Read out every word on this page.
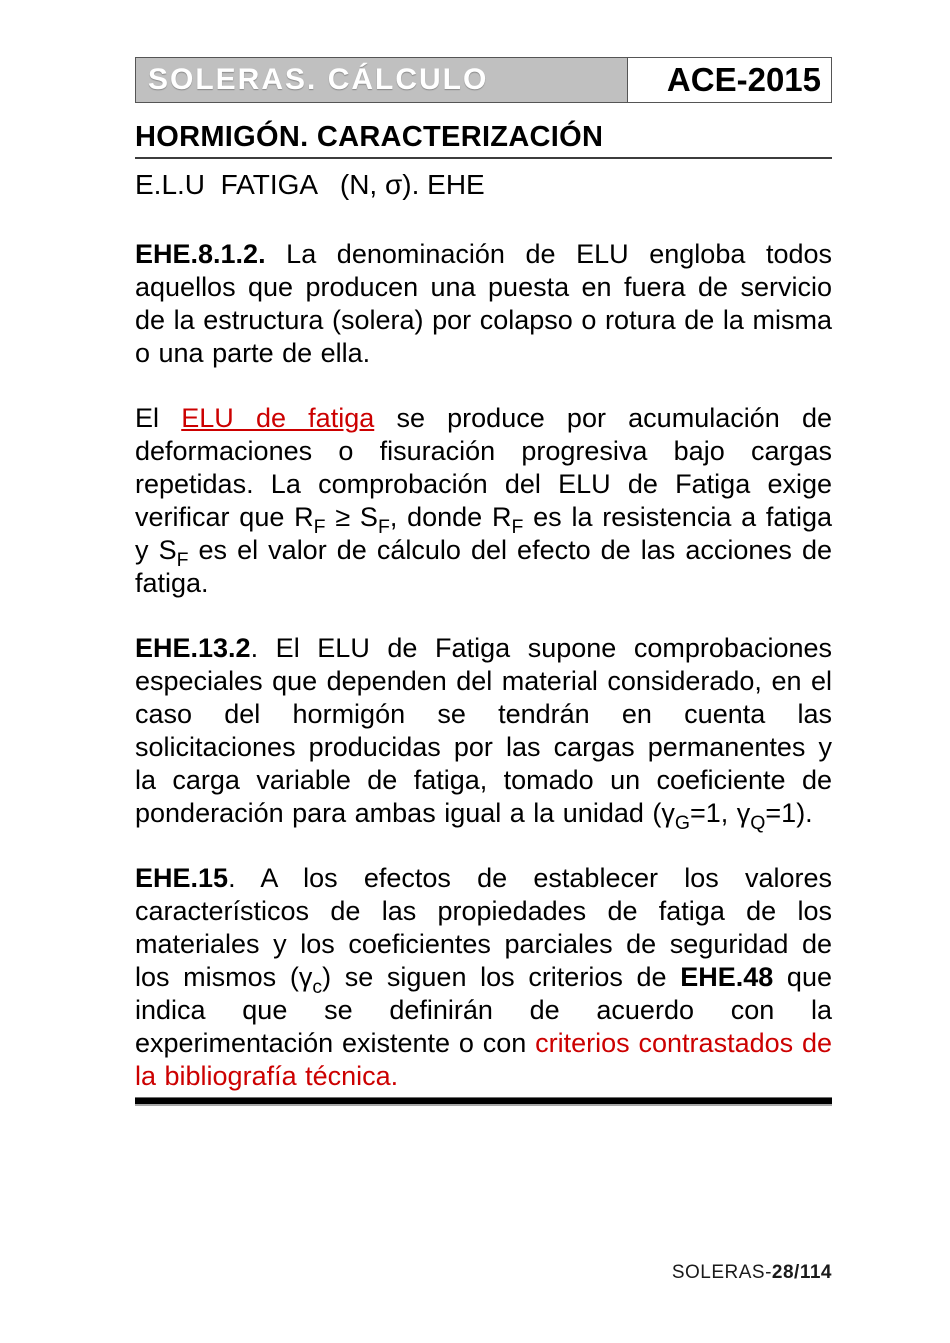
SOLERAS. CÁLCULO	ACE-2015
HORMIGÓN. CARACTERIZACIÓN
E.L.U  FATIGA   (N, σ). EHE

EHE.8.1.2. La denominación de ELU engloba todos aquellos que producen una puesta en fuera de servicio de la estructura (solera) por colapso o rotura de la misma o una parte de ella.

El ELU de fatiga se produce por acumulación de deformaciones o fisuración progresiva bajo cargas repetidas. La comprobación del ELU de Fatiga exige verificar que $R_F \ge S_F$, donde $R_F$ es la resistencia a fatiga y $S_F$ es el valor de cálculo del efecto de las acciones de fatiga.

EHE.13.2. El ELU de Fatiga supone comprobaciones especiales que dependen del material considerado, en el caso del hormigón se tendrán en cuenta las solicitaciones producidas por las cargas permanentes y la carga variable de fatiga, tomado un coeficiente de ponderación para ambas igual a la unidad ($\gamma_G=1$, $\gamma_Q=1$).

EHE.15. A los efectos de establecer los valores característicos de las propiedades de fatiga de los materiales y los coeficientes parciales de seguridad de los mismos $(\gamma_c)$ se siguen los criterios de EHE.48 que indica que se definirán de acuerdo con la experimentación existente o con criterios contrastados de la bibliografía técnica.

SOLERAS-28/114
